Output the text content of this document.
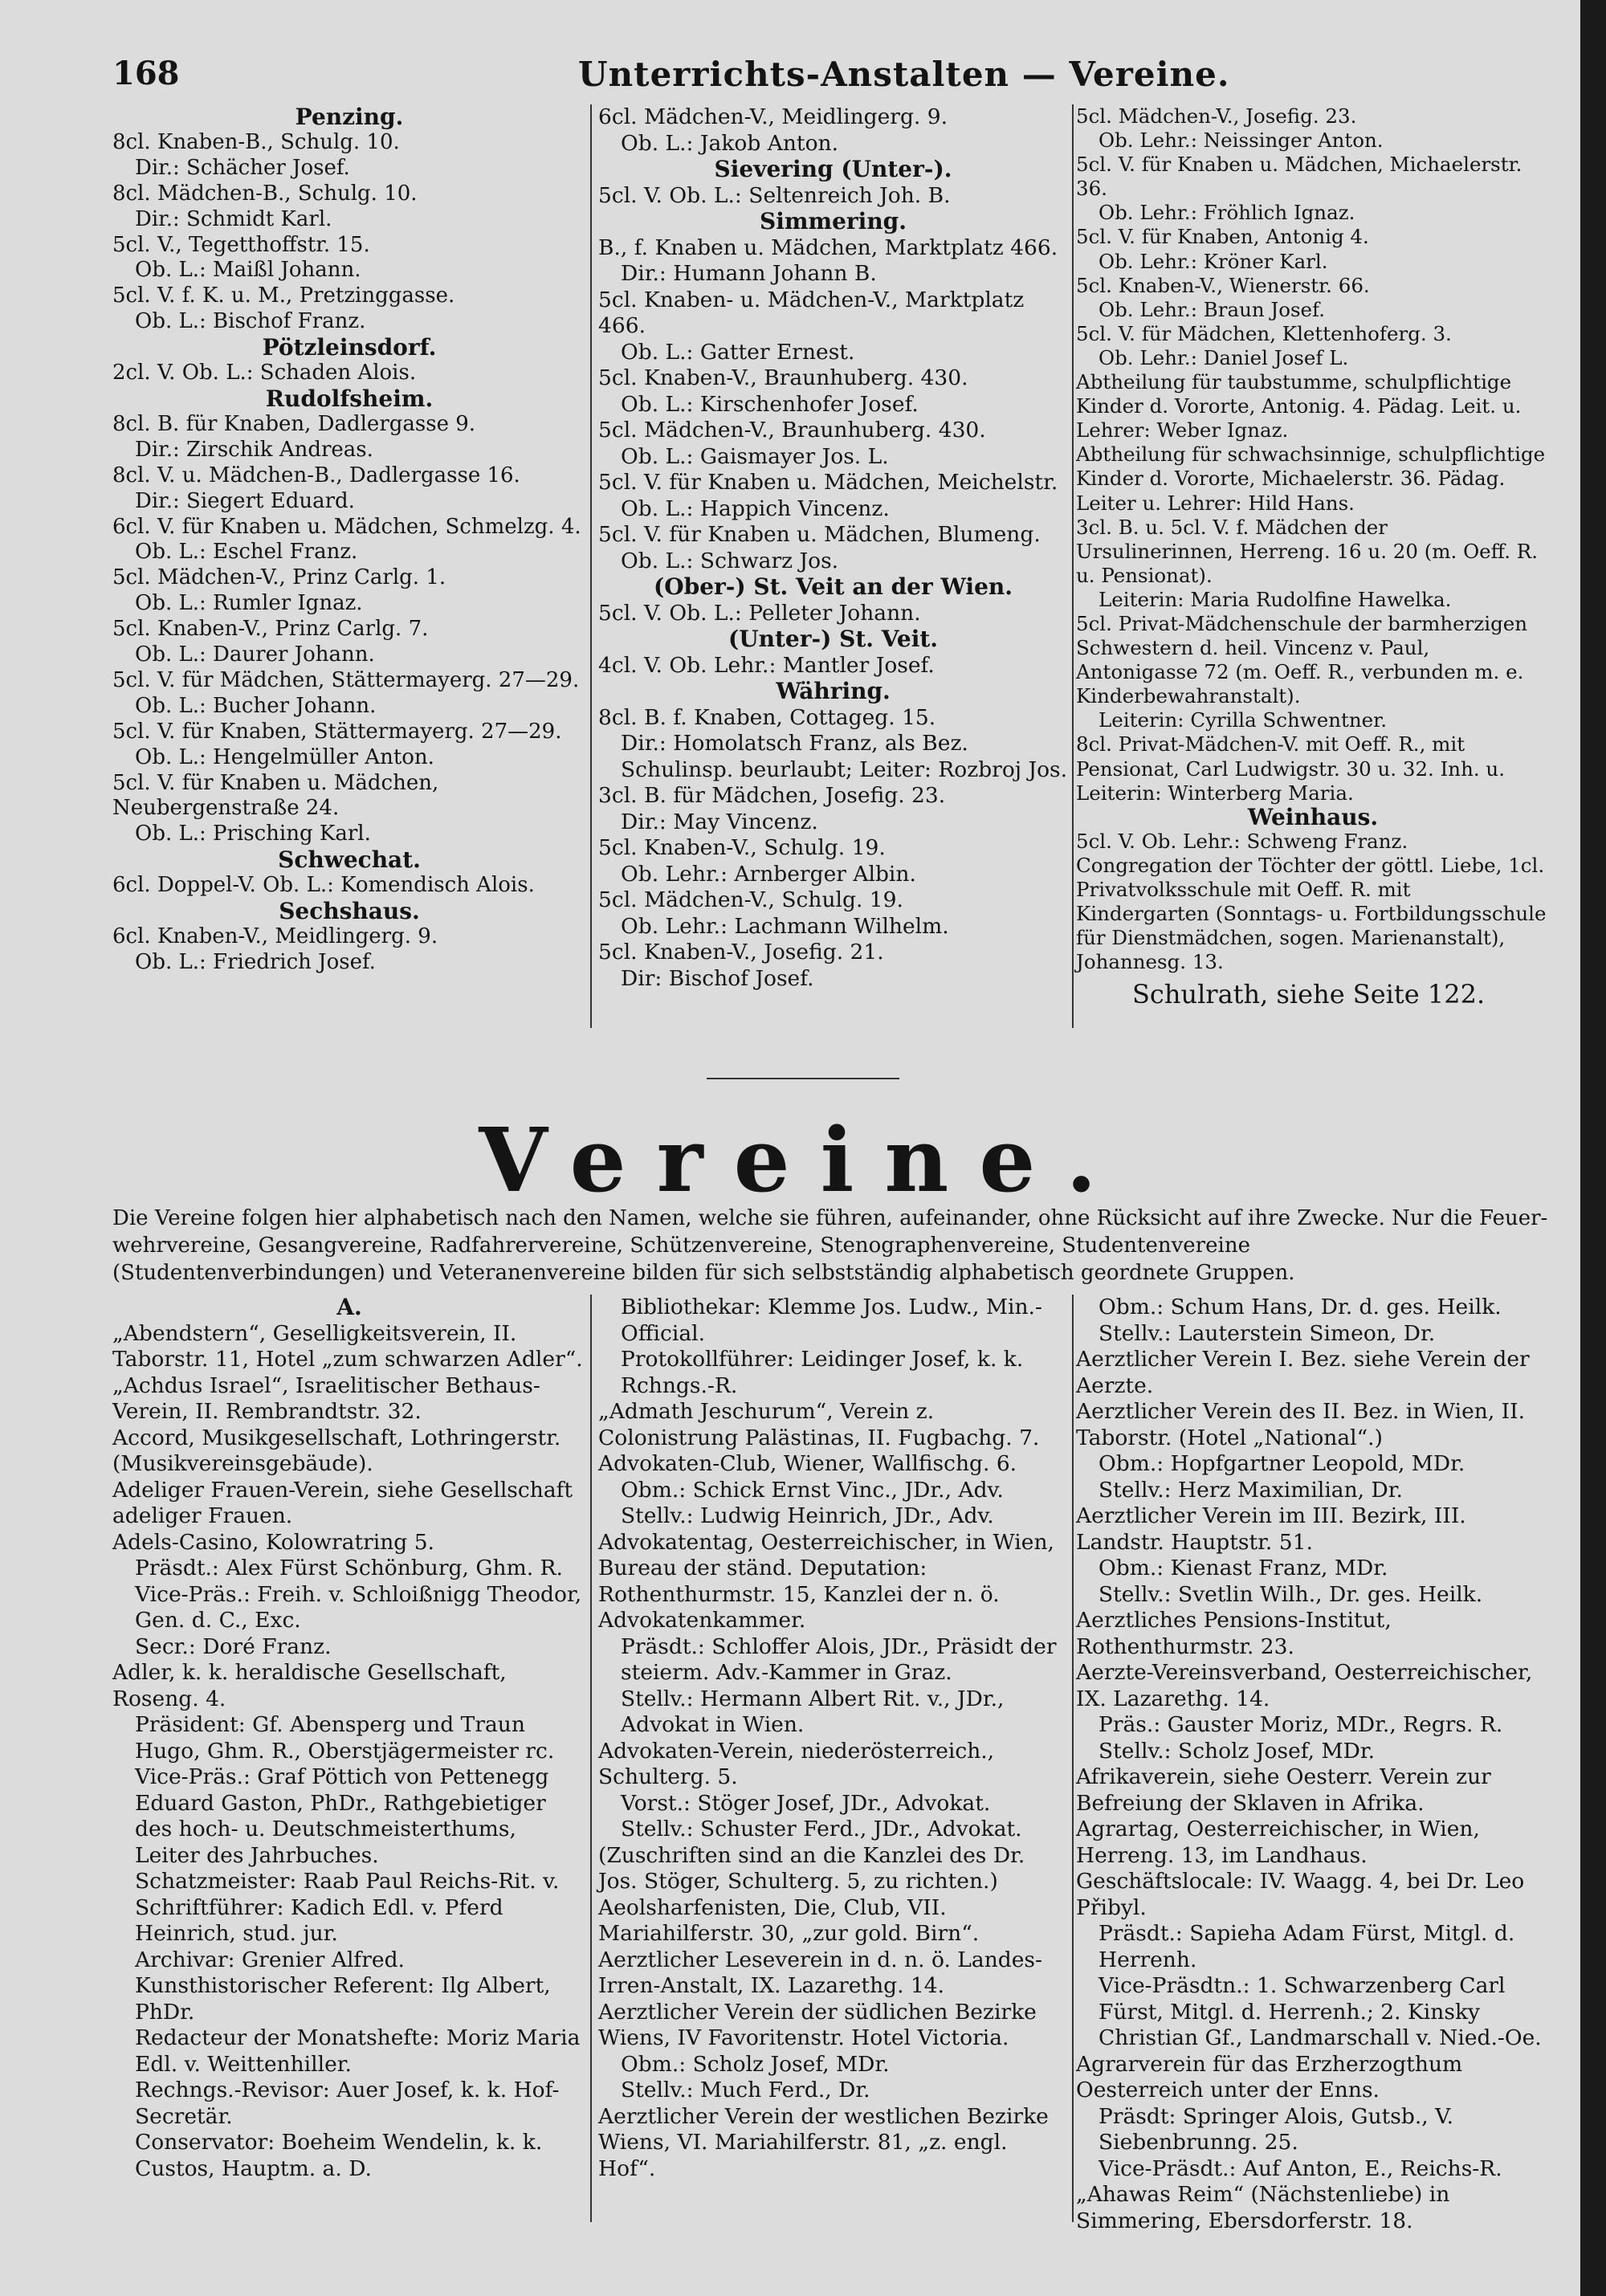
168	Unterrichts-Anstalten — Vereine.
Penzing.
8cl. Knaben-B., Schulg. 10.
Dir.: Schächer Josef.
8cl. Mädchen-B., Schulg. 10.
Dir.: Schmidt Karl.
5cl. V., Tegetthoffstr. 15.
Ob. L.: Maißl Johann.
5cl. V. f. K. u. M., Pretzinggasse.
Ob. L.: Bischof Franz.
Pötzleinsdorf.
2cl. V. Ob. L.: Schaden Alois.
Rudolfsheim.
8cl. B. für Knaben, Dadlergasse 9.
Dir.: Zirschik Andreas.
8cl. V. u. Mädchen-B., Dadlergasse 16.
Dir.: Siegert Eduard.
6cl. V. für Knaben u. Mädchen, Schmelzg. 4.
Ob. L.: Eschel Franz.
5cl. Mädchen-V., Prinz Carlg. 1.
Ob. L.: Rumler Ignaz.
5cl. Knaben-V., Prinz Carlg. 7.
Ob. L.: Daurer Johann.
5cl. V. für Mädchen, Stättermayerg. 27—29.
Ob. L.: Bucher Johann.
5cl. V. für Knaben, Stättermayerg. 27—29.
Ob. L.: Hengelmüller Anton.
5cl. V. für Knaben u. Mädchen, Neubergenstraße 24.
Ob. L.: Prisching Karl.
Schwechat.
6cl. Doppel-V. Ob. L.: Komendisch Alois.
Sechshaus.
6cl. Knaben-V., Meidlingerg. 9.
Ob. L.: Friedrich Josef.
6cl. Mädchen-V., Meidlingerg. 9.
Ob. L.: Jakob Anton.
Sievering (Unter-).
5cl. V. Ob. L.: Seltenreich Joh. B.
Simmering.
B., f. Knaben u. Mädchen, Marktplatz 466.
Dir.: Humann Johann B.
5cl. Knaben- u. Mädchen-V., Marktplatz 466.
Ob. L.: Gatter Ernest.
5cl. Knaben-V., Braunhuberg. 430.
Ob. L.: Kirschenhofer Josef.
5cl. Mädchen-V., Braunhuberg. 430.
Ob. L.: Gaismayer Jos. L.
5cl. V. für Knaben u. Mädchen, Meichelstr.
Ob. L.: Happich Vincenz.
5cl. V. für Knaben u. Mädchen, Blumeng.
Ob. L.: Schwarz Jos.
(Ober-) St. Veit an der Wien.
5cl. V. Ob. L.: Pelleter Johann.
(Unter-) St. Veit.
4cl. V. Ob. Lehr.: Mantler Josef.
Währing.
8cl. B. f. Knaben, Cottageg. 15.
Dir.: Homolatsch Franz, als Bez. Schulinsp. beurlaubt; Leiter: Rozbroj Jos.
3cl. B. für Mädchen, Josefig. 23.
Dir.: May Vincenz.
5cl. Knaben-V., Schulg. 19.
Ob. Lehr.: Arnberger Albin.
5cl. Mädchen-V., Schulg. 19.
Ob. Lehr.: Lachmann Wilhelm.
5cl. Knaben-V., Josefig. 21.
Dir: Bischof Josef.
5cl. Mädchen-V., Josefig. 23.
Ob. Lehr.: Neissinger Anton.
5cl. V. für Knaben u. Mädchen, Michaelerstr. 36.
Ob. Lehr.: Fröhlich Ignaz.
5cl. V. für Knaben, Antonig 4.
Ob. Lehr.: Kröner Karl.
5cl. Knaben-V., Wienerstr. 66.
Ob. Lehr.: Braun Josef.
5cl. V. für Mädchen, Klettenhoferg. 3.
Ob. Lehr.: Daniel Josef L.
Abtheilung für taubstumme, schulpflichtige Kinder d. Vororte, Antonig. 4. Pädag. Leit. u. Lehrer: Weber Ignaz.
Abtheilung für schwachsinnige, schulpflichtige Kinder d. Vororte, Michaelerstr. 36. Pädag. Leiter u. Lehrer: Hild Hans.
3cl. B. u. 5cl. V. f. Mädchen der Ursulinerinnen, Herreng. 16 u. 20 (m. Oeff. R. u. Pensionat).
Leiterin: Maria Rudolfine Hawelka.
5cl. Privat-Mädchenschule der barmherzigen Schwestern d. heil. Vincenz v. Paul, Antonigasse 72 (m. Oeff. R., verbunden m. e. Kinderbewahranstalt).
Leiterin: Cyrilla Schwentner.
8cl. Privat-Mädchen-V. mit Oeff. R., mit Pensionat, Carl Ludwigstr. 30 u. 32. Inh. u. Leiterin: Winterberg Maria.
Weinhaus.
5cl. V. Ob. Lehr.: Schweng Franz.
Congregation der Töchter der göttl. Liebe, 1cl. Privatvolksschule mit Oeff. R. mit Kindergarten (Sonntags- u. Fortbildungsschule für Dienstmädchen, sogen. Marienanstalt), Johannesg. 13.
Schulrath, siehe Seite 122.
Vereine.
Die Vereine folgen hier alphabetisch nach den Namen, welche sie führen, aufeinander, ohne Rücksicht auf ihre Zwecke. Nur die Feuer-
wehrvereine, Gesangvereine, Radfahrervereine, Schützenvereine, Stenographenvereine, Studentenvereine
(Studentenverbindungen) und Veteranenvereine bilden für sich selbstständig alphabetisch geordnete Gruppen.
A.
„Abendstern“, Geselligkeitsverein, II. Taborstr. 11, Hotel „zum schwarzen Adler“.
„Achdus Israel“, Israelitischer Bethaus-Verein, II. Rembrandtstr. 32.
Accord, Musikgesellschaft, Lothringerstr. (Musikvereinsgebäude).
Adeliger Frauen-Verein, siehe Gesellschaft adeliger Frauen.
Adels-Casino, Kolowratring 5.
Präsdt.: Alex Fürst Schönburg, Ghm. R.
Vice-Präs.: Freih. v. Schloißnigg Theodor, Gen. d. C., Exc.
Secr.: Doré Franz.
Adler, k. k. heraldische Gesellschaft, Roseng. 4.
Präsident: Gf. Abensperg und Traun Hugo, Ghm. R., Oberstjägermeister rc.
Vice-Präs.: Graf Pöttich von Pettenegg Eduard Gaston, PhDr., Rathgebietiger des hoch- u. Deutschmeisterthums, Leiter des Jahrbuches.
Schatzmeister: Raab Paul Reichs-Rit. v.
Schriftführer: Kadich Edl. v. Pferd Heinrich, stud. jur.
Archivar: Grenier Alfred.
Kunsthistorischer Referent: Ilg Albert, PhDr.
Redacteur der Monatshefte: Moriz Maria Edl. v. Weittenhiller.
Rechngs.-Revisor: Auer Josef, k. k. Hof-Secretär.
Conservator: Boeheim Wendelin, k. k. Custos, Hauptm. a. D.
Bibliothekar: Klemme Jos. Ludw., Min.-Official.
Protokollführer: Leidinger Josef, k. k. Rchngs.-R.
„Admath Jeschurum“, Verein z. Colonistrung Palästinas, II. Fugbachg. 7.
Advokaten-Club, Wiener, Wallfischg. 6.
Obm.: Schick Ernst Vinc., JDr., Adv.
Stellv.: Ludwig Heinrich, JDr., Adv.
Advokatentag, Oesterreichischer, in Wien, Bureau der ständ. Deputation: Rothenthurmstr. 15, Kanzlei der n. ö. Advokatenkammer.
Präsdt.: Schloffer Alois, JDr., Präsidt der steierm. Adv.-Kammer in Graz.
Stellv.: Hermann Albert Rit. v., JDr., Advokat in Wien.
Advokaten-Verein, niederösterreich., Schulterg. 5.
Vorst.: Stöger Josef, JDr., Advokat.
Stellv.: Schuster Ferd., JDr., Advokat.
(Zuschriften sind an die Kanzlei des Dr. Jos. Stöger, Schulterg. 5, zu richten.)
Aeolsharfenisten, Die, Club, VII. Mariahilferstr. 30, „zur gold. Birn“.
Aerztlicher Leseverein in d. n. ö. Landes-Irren-Anstalt, IX. Lazarethg. 14.
Aerztlicher Verein der südlichen Bezirke Wiens, IV Favoritenstr. Hotel Victoria.
Obm.: Scholz Josef, MDr.
Stellv.: Much Ferd., Dr.
Aerztlicher Verein der westlichen Bezirke Wiens, VI. Mariahilferstr. 81, „z. engl. Hof“.
Obm.: Schum Hans, Dr. d. ges. Heilk.
Stellv.: Lauterstein Simeon, Dr.
Aerztlicher Verein I. Bez. siehe Verein der Aerzte.
Aerztlicher Verein des II. Bez. in Wien, II. Taborstr. (Hotel „National“.)
Obm.: Hopfgartner Leopold, MDr.
Stellv.: Herz Maximilian, Dr.
Aerztlicher Verein im III. Bezirk, III. Landstr. Hauptstr. 51.
Obm.: Kienast Franz, MDr.
Stellv.: Svetlin Wilh., Dr. ges. Heilk.
Aerztliches Pensions-Institut, Rothenthurmstr. 23.
Aerzte-Vereinsverband, Oesterreichischer, IX. Lazarethg. 14.
Präs.: Gauster Moriz, MDr., Regrs. R.
Stellv.: Scholz Josef, MDr.
Afrikaverein, siehe Oesterr. Verein zur Befreiung der Sklaven in Afrika.
Agrartag, Oesterreichischer, in Wien, Herreng. 13, im Landhaus. Geschäftslocale: IV. Waagg. 4, bei Dr. Leo Přibyl.
Präsdt.: Sapieha Adam Fürst, Mitgl. d. Herrenh.
Vice-Präsdtn.: 1. Schwarzenberg Carl Fürst, Mitgl. d. Herrenh.; 2. Kinsky Christian Gf., Landmarschall v. Nied.-Oe.
Agrarverein für das Erzherzogthum Oesterreich unter der Enns.
Präsdt: Springer Alois, Gutsb., V. Siebenbrunng. 25.
Vice-Präsdt.: Auf Anton, E., Reichs-R.
„Ahawas Reim“ (Nächstenliebe) in Simmering, Ebersdorferstr. 18.
